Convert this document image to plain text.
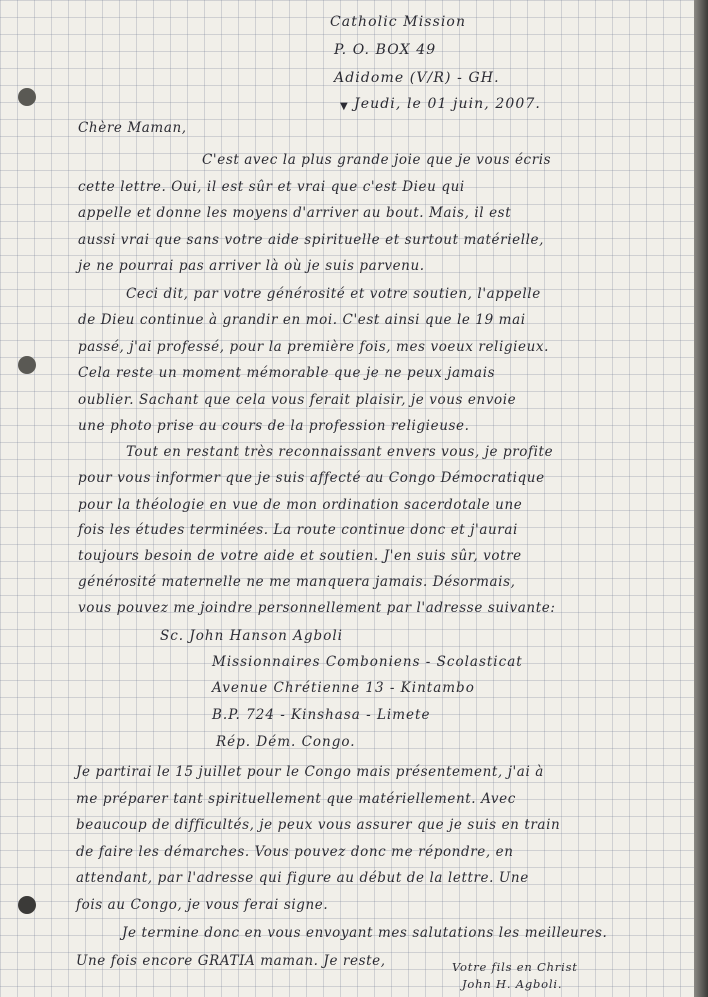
Catholic Mission

P. O. BOX 49

Adidome (V/R) - GH.

▼ Jeudi, le 01 juin, 2007.

Chère Maman,

C'est avec la plus grande joie que je vous écris

cette lettre. Oui, il est sûr et vrai que c'est Dieu qui

appelle et donne les moyens d'arriver au bout. Mais, il est

aussi vrai que sans votre aide spirituelle et surtout matérielle,

je ne pourrai pas arriver là où je suis parvenu.

Ceci dit, par votre générosité et votre soutien, l'appelle

de Dieu continue à grandir en moi. C'est ainsi que le 19 mai

passé, j'ai professé, pour la première fois, mes voeux religieux.

Cela reste un moment mémorable que je ne peux jamais

oublier. Sachant que cela vous ferait plaisir, je vous envoie

une photo prise au cours de la profession religieuse.

Tout en restant très reconnaissant envers vous, je profite

pour vous informer que je suis affecté au Congo Démocratique

pour la théologie en vue de mon ordination sacerdotale une

fois les études terminées. La route continue donc et j'aurai

toujours besoin de votre aide et soutien. J'en suis sûr, votre

générosité maternelle ne me manquera jamais. Désormais,

vous pouvez me joindre personnellement par l'adresse suivante:

Sc. John Hanson Agboli

Missionnaires Comboniens - Scolasticat

Avenue Chrétienne 13 - Kintambo

B.P. 724 - Kinshasa - Limete

Rép. Dém. Congo.

Je partirai le 15 juillet pour le Congo mais présentement, j'ai à

me préparer tant spirituellement que matériellement. Avec

beaucoup de difficultés, je peux vous assurer que je suis en train

de faire les démarches. Vous pouvez donc me répondre, en

attendant, par l'adresse qui figure au début de la lettre. Une

fois au Congo, je vous ferai signe.

Je termine donc en vous envoyant mes salutations les meilleures.

Une fois encore GRATIA maman. Je reste,	Votre fils en Christ

John H. Agboli.
